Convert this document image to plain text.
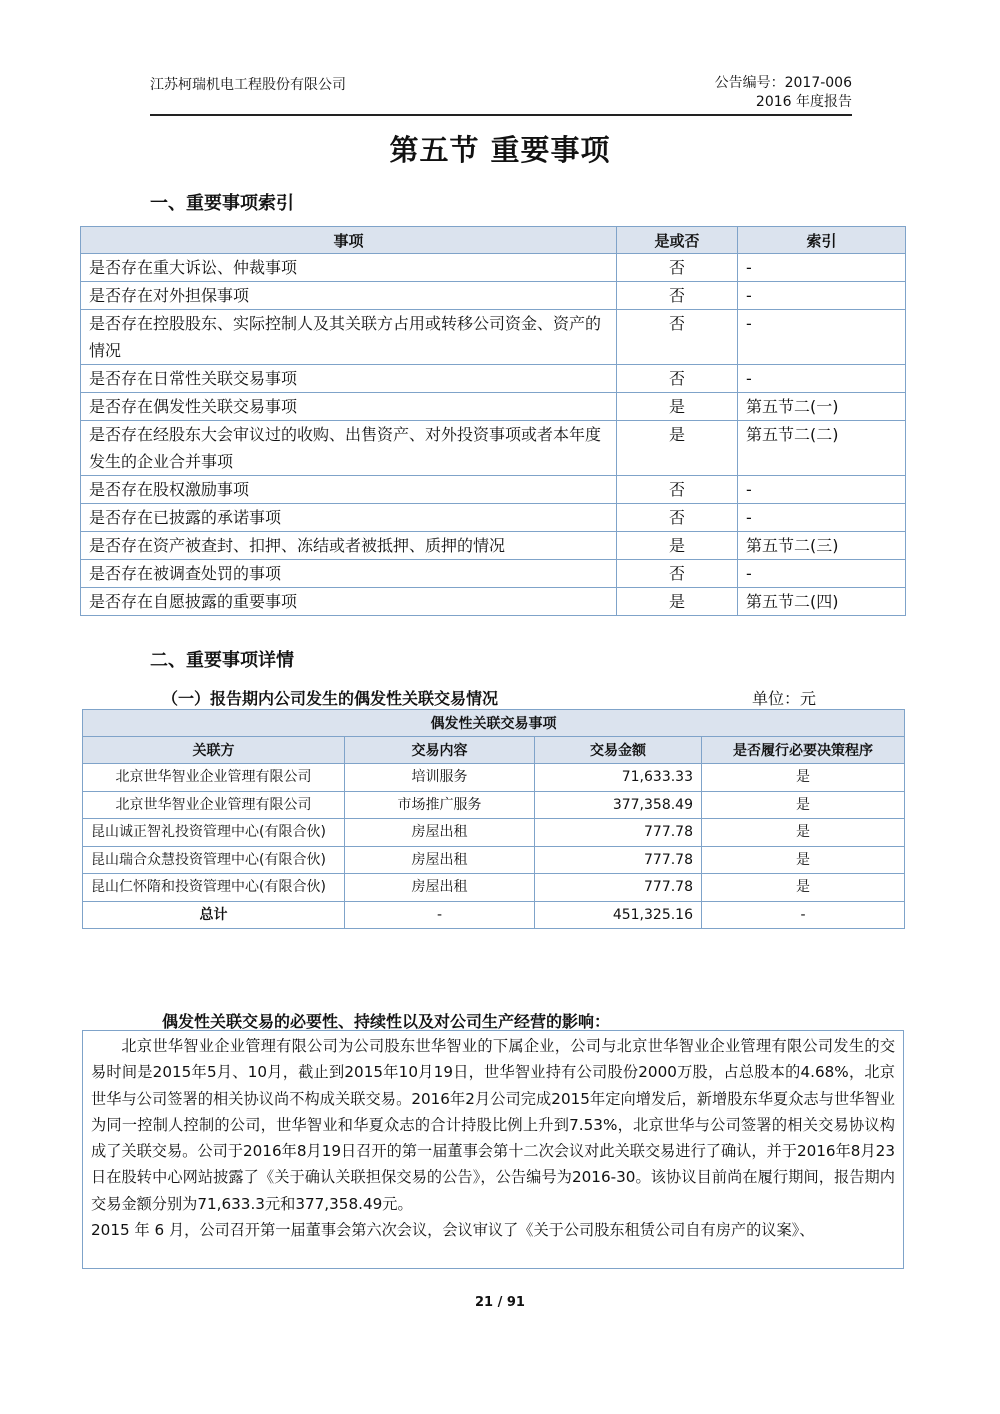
江苏柯瑞机电工程股份有限公司	公告编号：2017-006
2016 年度报告
第五节 重要事项
一、重要事项索引
事项	是或否	索引
是否存在重大诉讼、仲裁事项	否	-
是否存在对外担保事项	否	-
是否存在控股股东、实际控制人及其关联方占用或转移公司资金、资产的情况	否	-
是否存在日常性关联交易事项	否	-
是否存在偶发性关联交易事项	是	第五节二(一)
是否存在经股东大会审议过的收购、出售资产、对外投资事项或者本年度发生的企业合并事项	是	第五节二(二)
是否存在股权激励事项	否	-
是否存在已披露的承诺事项	否	-
是否存在资产被查封、扣押、冻结或者被抵押、质押的情况	是	第五节二(三)
是否存在被调查处罚的事项	否	-
是否存在自愿披露的重要事项	是	第五节二(四)
二、重要事项详情
（一）报告期内公司发生的偶发性关联交易情况	单位：元
偶发性关联交易事项			
关联方	交易内容	交易金额	是否履行必要决策程序
北京世华智业企业管理有限公司	培训服务	71,633.33	是
北京世华智业企业管理有限公司	市场推广服务	377,358.49	是
昆山诚正智礼投资管理中心(有限合伙)	房屋出租	777.78	是
昆山瑞合众慧投资管理中心(有限合伙)	房屋出租	777.78	是
昆山仁怀隋和投资管理中心(有限合伙)	房屋出租	777.78	是
总计	-	451,325.16	-
偶发性关联交易的必要性、持续性以及对公司生产经营的影响：

北京世华智业企业管理有限公司为公司股东世华智业的下属企业，公司与北京世华智业企业管理有限公司发生的交易时间是2015年5月、10月，截止到2015年10月19日，世华智业持有公司股份2000万股，占总股本的4.68%，北京世华与公司签署的相关协议尚不构成关联交易。2016年2月公司完成2015年定向增发后，新增股东华夏众志与世华智业为同一控制人控制的公司，世华智业和华夏众志的合计持股比例上升到7.53%，北京世华与公司签署的相关交易协议构成了关联交易。公司于2016年8月19日召开的第一届董事会第十二次会议对此关联交易进行了确认，并于2016年8月23日在股转中心网站披露了《关于确认关联担保交易的公告》，公告编号为2016-30。该协议目前尚在履行期间，报告期内交易金额分别为71,633.3元和377,358.49元。

2015 年 6 月，公司召开第一届董事会第六次会议，会议审议了《关于公司股东租赁公司自有房产的议案》、

21 / 91
